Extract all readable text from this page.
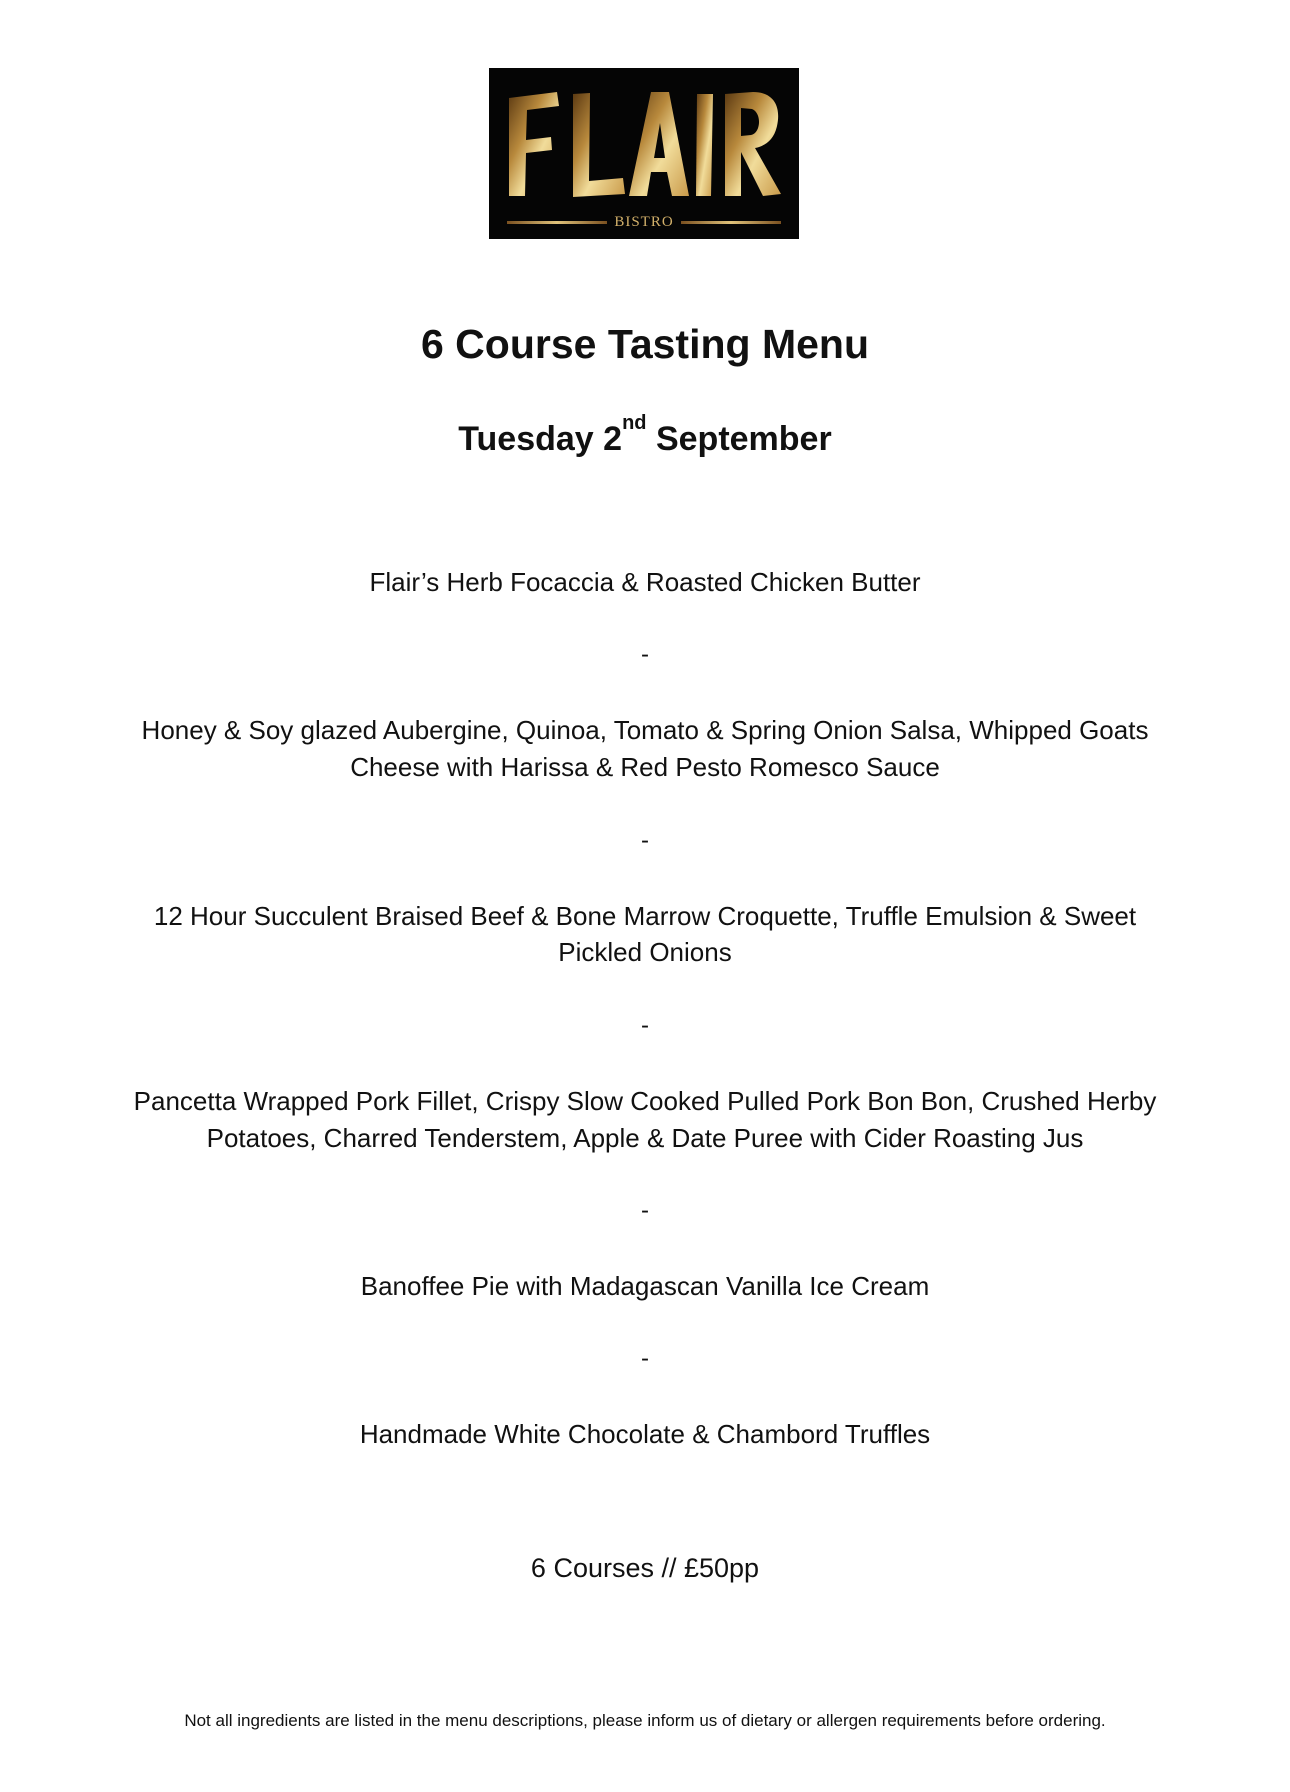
BISTRO
6 Course Tasting Menu
Tuesday 2nd September
Flair’s Herb Focaccia & Roasted Chicken Butter
-
Honey & Soy glazed Aubergine, Quinoa, Tomato & Spring Onion Salsa, Whipped Goats
Cheese with Harissa & Red Pesto Romesco Sauce
-
12 Hour Succulent Braised Beef & Bone Marrow Croquette, Truffle Emulsion & Sweet
Pickled Onions
-
Pancetta Wrapped Pork Fillet, Crispy Slow Cooked Pulled Pork Bon Bon, Crushed Herby
Potatoes, Charred Tenderstem, Apple & Date Puree with Cider Roasting Jus
-
Banoffee Pie with Madagascan Vanilla Ice Cream
-
Handmade White Chocolate & Chambord Truffles
6 Courses // £50pp
Not all ingredients are listed in the menu descriptions, please inform us of dietary or allergen requirements before ordering.
